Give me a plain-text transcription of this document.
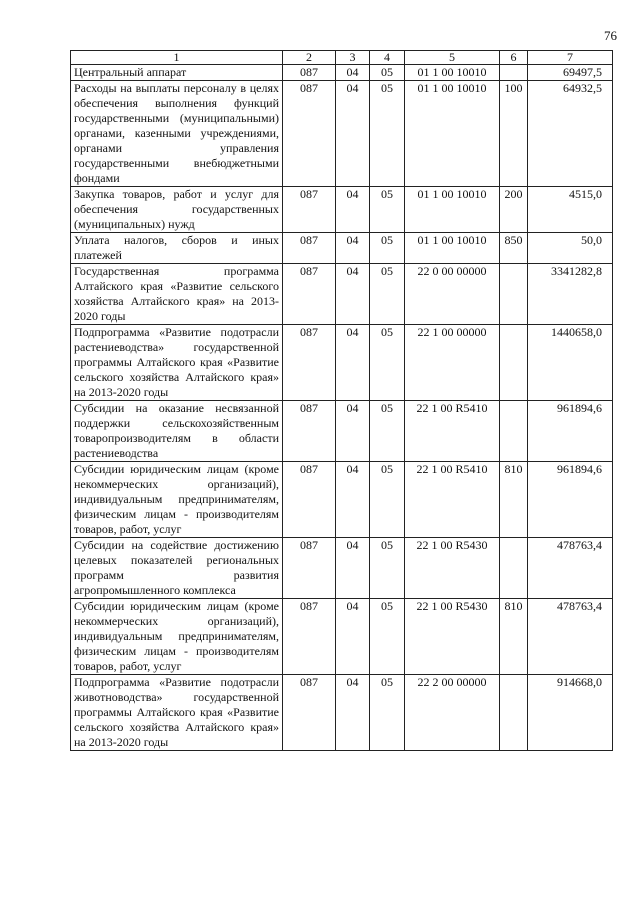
76
1	2	3	4	5	6	7
Центральный аппарат	087	04	05	01 1 00 10010		69497,5
Расходы на выплаты персоналу в целях обеспечения выполнения функций государственными (муниципальными) органами, казенными учреждениями, органами управления государственными внебюджетными фондами	087	04	05	01 1 00 10010	100	64932,5
Закупка товаров, работ и услуг для обеспечения государственных (муниципальных) нужд	087	04	05	01 1 00 10010	200	4515,0
Уплата налогов, сборов и иных платежей	087	04	05	01 1 00 10010	850	50,0
Государственная программа Алтайского края «Развитие сельского хозяйства Алтайского края» на 2013-2020 годы	087	04	05	22 0 00 00000		3341282,8
Подпрограмма «Развитие подотрасли растениеводства» государственной программы Алтайского края «Развитие сельского хозяйства Алтайского края» на 2013-2020 годы	087	04	05	22 1 00 00000		1440658,0
Субсидии на оказание несвязанной поддержки сельскохозяйственным товаропроизводителям в области растениеводства	087	04	05	22 1 00 R5410		961894,6
Субсидии юридическим лицам (кроме некоммерческих организаций), индивидуальным предпринимателям, физическим лицам - производителям товаров, работ, услуг	087	04	05	22 1 00 R5410	810	961894,6
Субсидии на содействие достижению целевых показателей региональных программ развития агропромышленного комплекса	087	04	05	22 1 00 R5430		478763,4
Субсидии юридическим лицам (кроме некоммерческих организаций), индивидуальным предпринимателям, физическим лицам - производителям товаров, работ, услуг	087	04	05	22 1 00 R5430	810	478763,4
Подпрограмма «Развитие подотрасли животноводства» государственной программы Алтайского края «Развитие сельского хозяйства Алтайского края» на 2013-2020 годы	087	04	05	22 2 00 00000		914668,0
